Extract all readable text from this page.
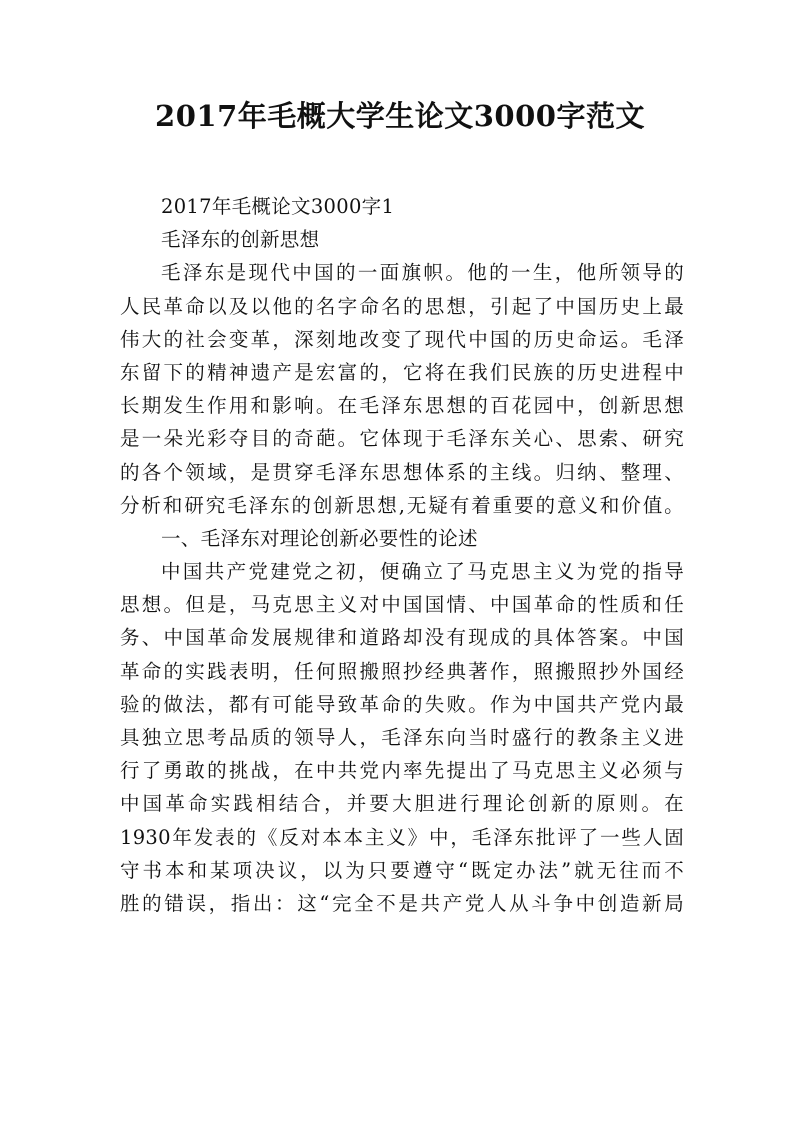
2017年毛概大学生论文3000字范文
2017年毛概论文3000字1
毛泽东的创新思想
毛泽东是现代中国的一面旗帜。他的一生，他所领导的
人民革命以及以他的名字命名的思想，引起了中国历史上最
伟大的社会变革，深刻地改变了现代中国的历史命运。毛泽
东留下的精神遗产是宏富的，它将在我们民族的历史进程中
长期发生作用和影响。在毛泽东思想的百花园中，创新思想
是一朵光彩夺目的奇葩。它体现于毛泽东关心、思索、研究
的各个领域，是贯穿毛泽东思想体系的主线。归纳、整理、
分析和研究毛泽东的创新思想,无疑有着重要的意义和价值。
一、毛泽东对理论创新必要性的论述
中国共产党建党之初，便确立了马克思主义为党的指导
思想。但是，马克思主义对中国国情、中国革命的性质和任
务、中国革命发展规律和道路却没有现成的具体答案。中国
革命的实践表明，任何照搬照抄经典著作，照搬照抄外国经
验的做法，都有可能导致革命的失败。作为中国共产党内最
具独立思考品质的领导人，毛泽东向当时盛行的教条主义进
行了勇敢的挑战，在中共党内率先提出了马克思主义必须与
中国革命实践相结合，并要大胆进行理论创新的原则。在
1930年发表的《反对本本主义》中，毛泽东批评了一些人固
守书本和某项决议，以为只要遵守“既定办法”就无往而不
胜的错误，指出：这“完全不是共产党人从斗争中创造新局
